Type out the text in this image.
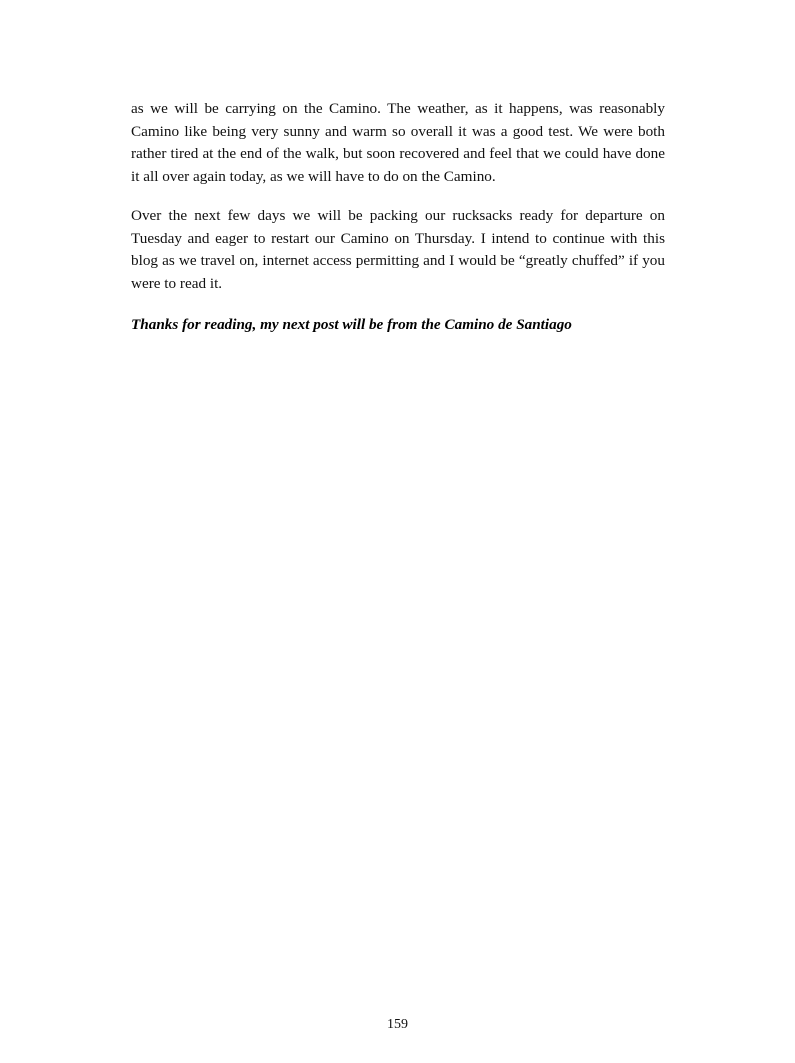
as we will be carrying on the Camino. The weather, as it happens, was reasonably Camino like being very sunny and warm so overall it was a good test. We were both rather tired at the end of the walk, but soon recovered and feel that we could have done it all over again today, as we will have to do on the Camino.

Over the next few days we will be packing our rucksacks ready for departure on Tuesday and eager to restart our Camino on Thursday. I intend to continue with this blog as we travel on, internet access permitting and I would be “greatly chuffed” if you were to read it.

Thanks for reading, my next post will be from the Camino de Santiago

159
